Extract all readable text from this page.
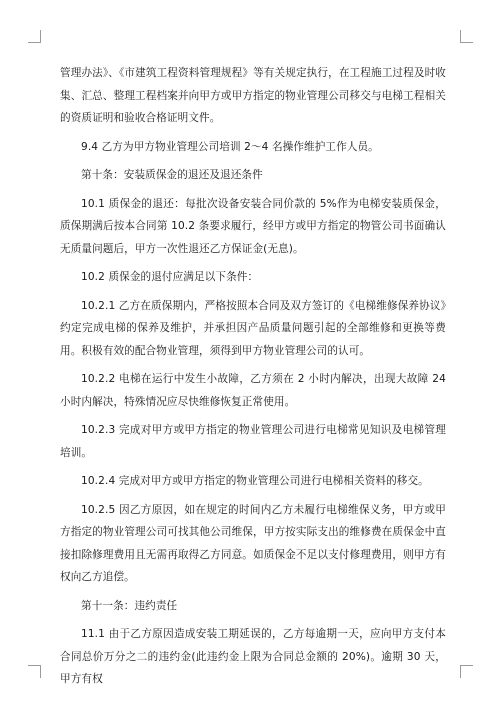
管理办法》、《市建筑工程资料管理规程》等有关规定执行，在工程施工过程及时收集、汇总、整理工程档案并向甲方或甲方指定的物业管理公司移交与电梯工程相关的资质证明和验收合格证明文件。

9.4 乙方为甲方物业管理公司培训 2～4 名操作维护工作人员。

第十条：安装质保金的退还及退还条件

10.1 质保金的退还：每批次设备安装合同价款的 5%作为电梯安装质保金，质保期满后按本合同第 10.2 条要求履行，经甲方或甲方指定的物管公司书面确认无质量问题后，甲方一次性退还乙方保证金(无息)。

10.2 质保金的退付应满足以下条件：

10.2.1 乙方在质保期内，严格按照本合同及双方签订的《电梯维修保养协议》约定完成电梯的保养及维护，并承担因产品质量问题引起的全部维修和更换等费用。积极有效的配合物业管理，须得到甲方物业管理公司的认可。

10.2.2 电梯在运行中发生小故障，乙方须在 2 小时内解决，出现大故障 24 小时内解决，特殊情况应尽快维修恢复正常使用。

10.2.3 完成对甲方或甲方指定的物业管理公司进行电梯常见知识及电梯管理培训。

10.2.4 完成对甲方或甲方指定的物业管理公司进行电梯相关资料的移交。

10.2.5 因乙方原因，如在规定的时间内乙方未履行电梯维保义务，甲方或甲方指定的物业管理公司可找其他公司维保，甲方按实际支出的维修费在质保金中直接扣除修理费用且无需再取得乙方同意。如质保金不足以支付修理费用，则甲方有权向乙方追偿。

第十一条：违约责任

11.1 由于乙方原因造成安装工期延误的，乙方每逾期一天，应向甲方支付本合同总价万分之二的违约金(此违约金上限为合同总金额的 20%)。逾期 30 天，甲方有权
